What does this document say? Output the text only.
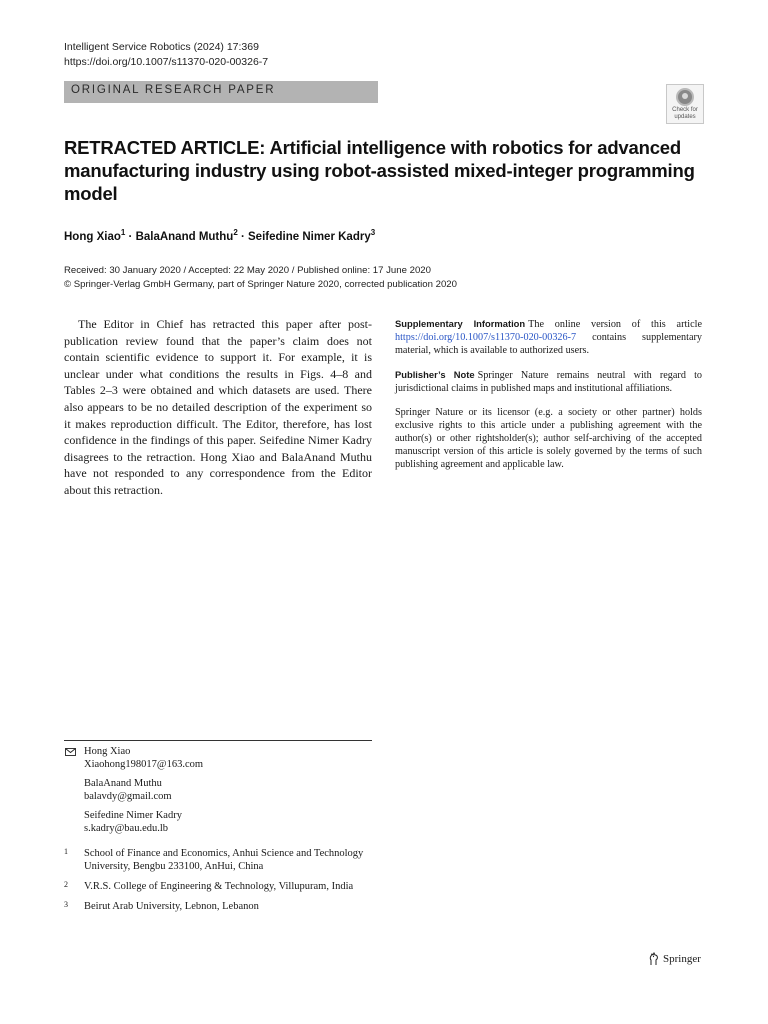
Intelligent Service Robotics (2024) 17:369
https://doi.org/10.1007/s11370-020-00326-7
ORIGINAL RESEARCH PAPER
Check for
updates
RETRACTED ARTICLE: Artificial intelligence with robotics for advanced manufacturing industry using robot-assisted mixed-integer programming model
Hong Xiao$^1$ · BalaAnand Muthu$^2$ · Seifedine Nimer Kadry$^3$
Received: 30 January 2020 / Accepted: 22 May 2020 / Published online: 17 June 2020
© Springer-Verlag GmbH Germany, part of Springer Nature 2020, corrected publication 2020

The Editor in Chief has retracted this paper after post-publication review found that the paper’s claim does not contain scientific evidence to support it. For example, it is unclear under what conditions the results in Figs. 4–8 and Tables 2–3 were obtained and which datasets are used. There also appears to be no detailed description of the experiment so it makes reproduction difficult. The Editor, therefore, has lost confidence in the findings of this paper. Seifedine Nimer Kadry disagrees to the retraction. Hong Xiao and BalaAnand Muthu have not responded to any correspondence from the Editor about this retraction.

Supplementary Information The online version of this article https://doi.org/10.1007/s11370-020-00326-7 contains supplementary material, which is available to authorized users.

Publisher’s Note Springer Nature remains neutral with regard to jurisdictional claims in published maps and institutional affiliations.

Springer Nature or its licensor (e.g. a society or other partner) holds exclusive rights to this article under a publishing agreement with the author(s) or other rightsholder(s); author self-archiving of the accepted manuscript version of this article is solely governed by the terms of such publishing agreement and applicable law.

Hong Xiao
Xiaohong198017@163.com
BalaAnand Muthu
balavdy@gmail.com
Seifedine Nimer Kadry
s.kadry@bau.edu.lb
1 School of Finance and Economics, Anhui Science and Technology University, Bengbu 233100, AnHui, China
2 V.R.S. College of Engineering & Technology, Villupuram, India
3 Beirut Arab University, Lebnon, Lebanon
Springer
